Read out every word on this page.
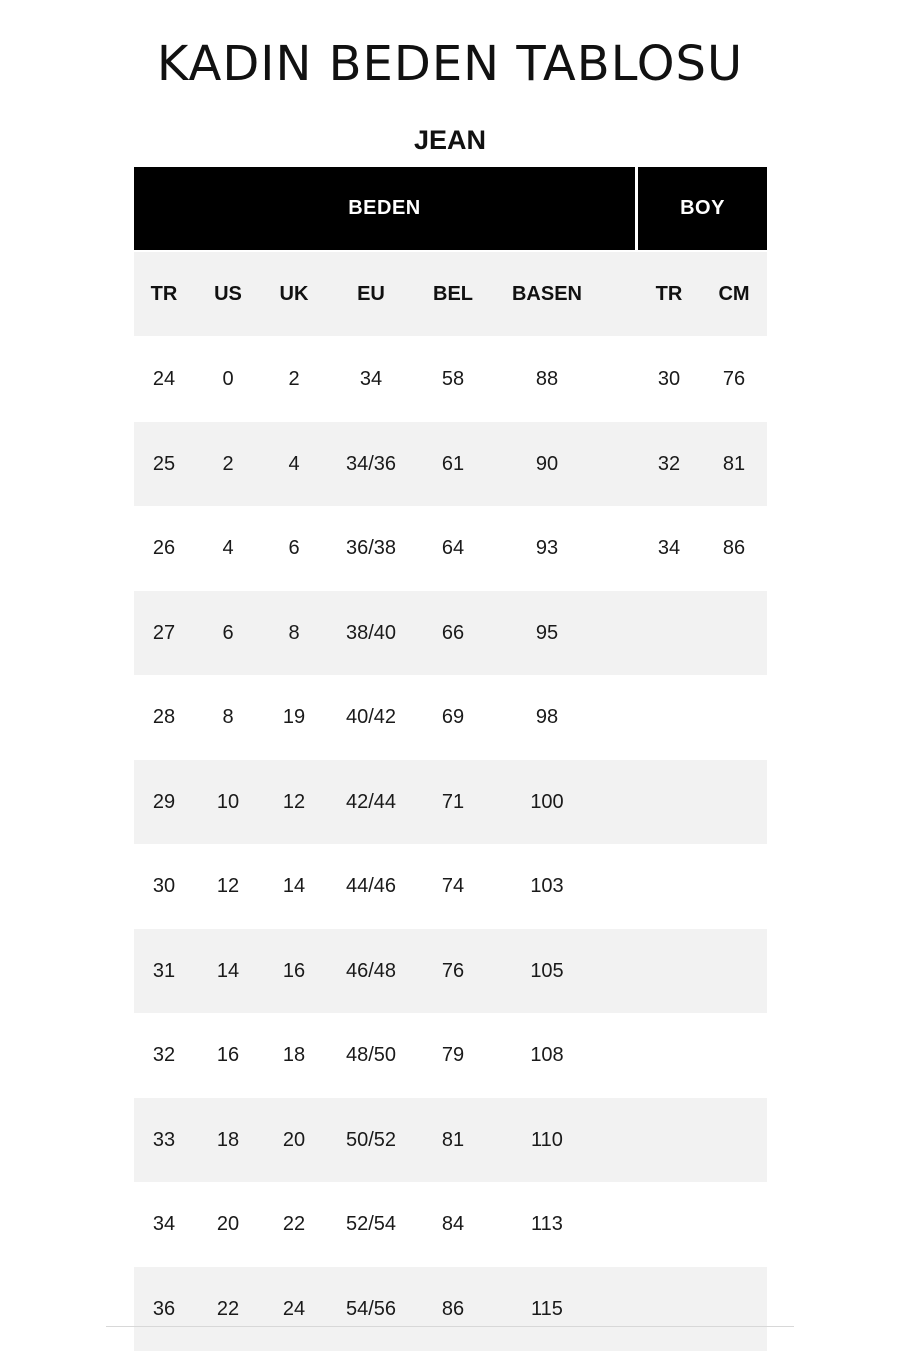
KADIN BEDEN TABLOSU
JEAN
BEDEN	BOY
TR	US	UK	EU	BEL	BASEN	TR	CM
24	0	2	34	58	88	30	76
25	2	4	34/36	61	90	32	81
26	4	6	36/38	64	93	34	86
27	6	8	38/40	66	95
28	8	19	40/42	69	98
29	10	12	42/44	71	100
30	12	14	44/46	74	103
31	14	16	46/48	76	105
32	16	18	48/50	79	108
33	18	20	50/52	81	110
34	20	22	52/54	84	113
36	22	24	54/56	86	115
